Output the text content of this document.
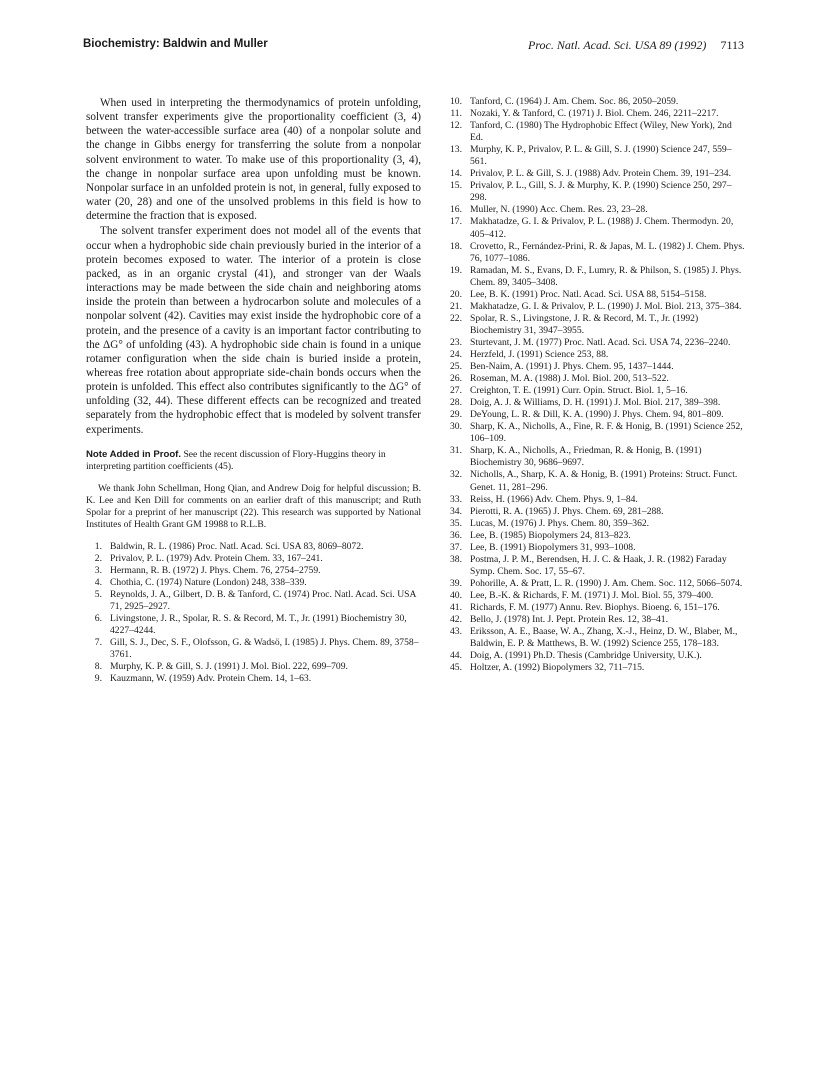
Biochemistry: Baldwin and Muller	Proc. Natl. Acad. Sci. USA 89 (1992) 7113

When used in interpreting the thermodynamics of protein unfolding, solvent transfer experiments give the proportionality coefficient (3, 4) between the water-accessible surface area (40) of a nonpolar solute and the change in Gibbs energy for transferring the solute from a nonpolar solvent environment to water. To make use of this proportionality (3, 4), the change in nonpolar surface area upon unfolding must be known. Nonpolar surface in an unfolded protein is not, in general, fully exposed to water (20, 28) and one of the unsolved problems in this field is how to determine the fraction that is exposed.

The solvent transfer experiment does not model all of the events that occur when a hydrophobic side chain previously buried in the interior of a protein becomes exposed to water. The interior of a protein is close packed, as in an organic crystal (41), and stronger van der Waals interactions may be made between the side chain and neighboring atoms inside the protein than between a hydrocarbon solute and molecules of a nonpolar solvent (42). Cavities may exist inside the hydrophobic core of a protein, and the presence of a cavity is an important factor contributing to the ΔG° of unfolding (43). A hydrophobic side chain is found in a unique rotamer configuration when the side chain is buried inside a protein, whereas free rotation about appropriate side-chain bonds occurs when the protein is unfolded. This effect also contributes significantly to the ΔG° of unfolding (32, 44). These different effects can be recognized and treated separately from the hydrophobic effect that is modeled by solvent transfer experiments.

Note Added in Proof. See the recent discussion of Flory-Huggins theory in interpreting partition coefficients (45).

We thank John Schellman, Hong Qian, and Andrew Doig for helpful discussion; B. K. Lee and Ken Dill for comments on an earlier draft of this manuscript; and Ruth Spolar for a preprint of her manuscript (22). This research was supported by National Institutes of Health Grant GM 19988 to R.L.B.

1. Baldwin, R. L. (1986) Proc. Natl. Acad. Sci. USA 83, 8069–8072.
2. Privalov, P. L. (1979) Adv. Protein Chem. 33, 167–241.
3. Hermann, R. B. (1972) J. Phys. Chem. 76, 2754–2759.
4. Chothia, C. (1974) Nature (London) 248, 338–339.
5. Reynolds, J. A., Gilbert, D. B. & Tanford, C. (1974) Proc. Natl. Acad. Sci. USA 71, 2925–2927.
6. Livingstone, J. R., Spolar, R. S. & Record, M. T., Jr. (1991) Biochemistry 30, 4227–4244.
7. Gill, S. J., Dec, S. F., Olofsson, G. & Wadsö, I. (1985) J. Phys. Chem. 89, 3758–3761.
8. Murphy, K. P. & Gill, S. J. (1991) J. Mol. Biol. 222, 699–709.
9. Kauzmann, W. (1959) Adv. Protein Chem. 14, 1–63.
10. Tanford, C. (1964) J. Am. Chem. Soc. 86, 2050–2059.
11. Nozaki, Y. & Tanford, C. (1971) J. Biol. Chem. 246, 2211–2217.
12. Tanford, C. (1980) The Hydrophobic Effect (Wiley, New York), 2nd Ed.
13. Murphy, K. P., Privalov, P. L. & Gill, S. J. (1990) Science 247, 559–561.
14. Privalov, P. L. & Gill, S. J. (1988) Adv. Protein Chem. 39, 191–234.
15. Privalov, P. L., Gill, S. J. & Murphy, K. P. (1990) Science 250, 297–298.
16. Muller, N. (1990) Acc. Chem. Res. 23, 23–28.
17. Makhatadze, G. I. & Privalov, P. L. (1988) J. Chem. Thermodyn. 20, 405–412.
18. Crovetto, R., Fernández-Prini, R. & Japas, M. L. (1982) J. Chem. Phys. 76, 1077–1086.
19. Ramadan, M. S., Evans, D. F., Lumry, R. & Philson, S. (1985) J. Phys. Chem. 89, 3405–3408.
20. Lee, B. K. (1991) Proc. Natl. Acad. Sci. USA 88, 5154–5158.
21. Makhatadze, G. I. & Privalov, P. L. (1990) J. Mol. Biol. 213, 375–384.
22. Spolar, R. S., Livingstone, J. R. & Record, M. T., Jr. (1992) Biochemistry 31, 3947–3955.
23. Sturtevant, J. M. (1977) Proc. Natl. Acad. Sci. USA 74, 2236–2240.
24. Herzfeld, J. (1991) Science 253, 88.
25. Ben-Naim, A. (1991) J. Phys. Chem. 95, 1437–1444.
26. Roseman, M. A. (1988) J. Mol. Biol. 200, 513–522.
27. Creighton, T. E. (1991) Curr. Opin. Struct. Biol. 1, 5–16.
28. Doig, A. J. & Williams, D. H. (1991) J. Mol. Biol. 217, 389–398.
29. DeYoung, L. R. & Dill, K. A. (1990) J. Phys. Chem. 94, 801–809.
30. Sharp, K. A., Nicholls, A., Fine, R. F. & Honig, B. (1991) Science 252, 106–109.
31. Sharp, K. A., Nicholls, A., Friedman, R. & Honig, B. (1991) Biochemistry 30, 9686–9697.
32. Nicholls, A., Sharp, K. A. & Honig, B. (1991) Proteins: Struct. Funct. Genet. 11, 281–296.
33. Reiss, H. (1966) Adv. Chem. Phys. 9, 1–84.
34. Pierotti, R. A. (1965) J. Phys. Chem. 69, 281–288.
35. Lucas, M. (1976) J. Phys. Chem. 80, 359–362.
36. Lee, B. (1985) Biopolymers 24, 813–823.
37. Lee, B. (1991) Biopolymers 31, 993–1008.
38. Postma, J. P. M., Berendsen, H. J. C. & Haak, J. R. (1982) Faraday Symp. Chem. Soc. 17, 55–67.
39. Pohorille, A. & Pratt, L. R. (1990) J. Am. Chem. Soc. 112, 5066–5074.
40. Lee, B.-K. & Richards, F. M. (1971) J. Mol. Biol. 55, 379–400.
41. Richards, F. M. (1977) Annu. Rev. Biophys. Bioeng. 6, 151–176.
42. Bello, J. (1978) Int. J. Pept. Protein Res. 12, 38–41.
43. Eriksson, A. E., Baase, W. A., Zhang, X.-J., Heinz, D. W., Blaber, M., Baldwin, E. P. & Matthews, B. W. (1992) Science 255, 178–183.
44. Doig, A. (1991) Ph.D. Thesis (Cambridge University, U.K.).
45. Holtzer, A. (1992) Biopolymers 32, 711–715.
